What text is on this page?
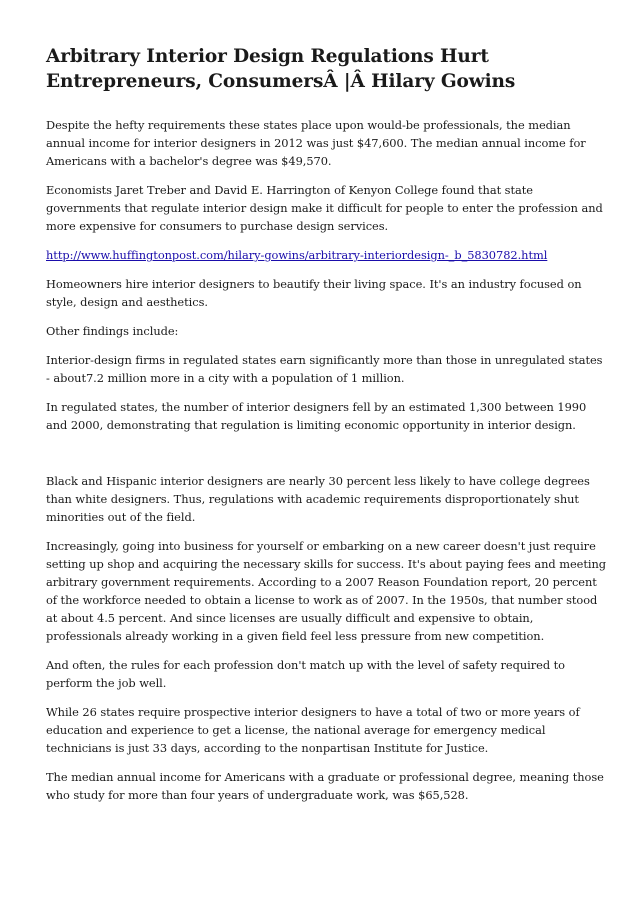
Arbitrary Interior Design Regulations Hurt Entrepreneurs, ConsumersÂ |Â Hilary Gowins

Despite the hefty requirements these states place upon would-be professionals, the median annual income for interior designers in 2012 was just $47,600. The median annual income for Americans with a bachelor's degree was $49,570.

Economists Jaret Treber and David E. Harrington of Kenyon College found that state governments that regulate interior design make it difficult for people to enter the profession and more expensive for consumers to purchase design services.

http://www.huffingtonpost.com/hilary-gowins/arbitrary-interiordesign-_b_5830782.html

Homeowners hire interior designers to beautify their living space. It's an industry focused on style, design and aesthetics.

Other findings include:

Interior-design firms in regulated states earn significantly more than those in unregulated states - about7.2 million more in a city with a population of 1 million.

In regulated states, the number of interior designers fell by an estimated 1,300 between 1990 and 2000, demonstrating that regulation is limiting economic opportunity in interior design.

Black and Hispanic interior designers are nearly 30 percent less likely to have college degrees than white designers. Thus, regulations with academic requirements disproportionately shut minorities out of the field.

Increasingly, going into business for yourself or embarking on a new career doesn't just require setting up shop and acquiring the necessary skills for success. It's about paying fees and meeting arbitrary government requirements. According to a 2007 Reason Foundation report, 20 percent of the workforce needed to obtain a license to work as of 2007. In the 1950s, that number stood at about 4.5 percent. And since licenses are usually difficult and expensive to obtain, professionals already working in a given field feel less pressure from new competition.

And often, the rules for each profession don't match up with the level of safety required to perform the job well.

While 26 states require prospective interior designers to have a total of two or more years of education and experience to get a license, the national average for emergency medical technicians is just 33 days, according to the nonpartisan Institute for Justice.

The median annual income for Americans with a graduate or professional degree, meaning those who study for more than four years of undergraduate work, was $65,528.
